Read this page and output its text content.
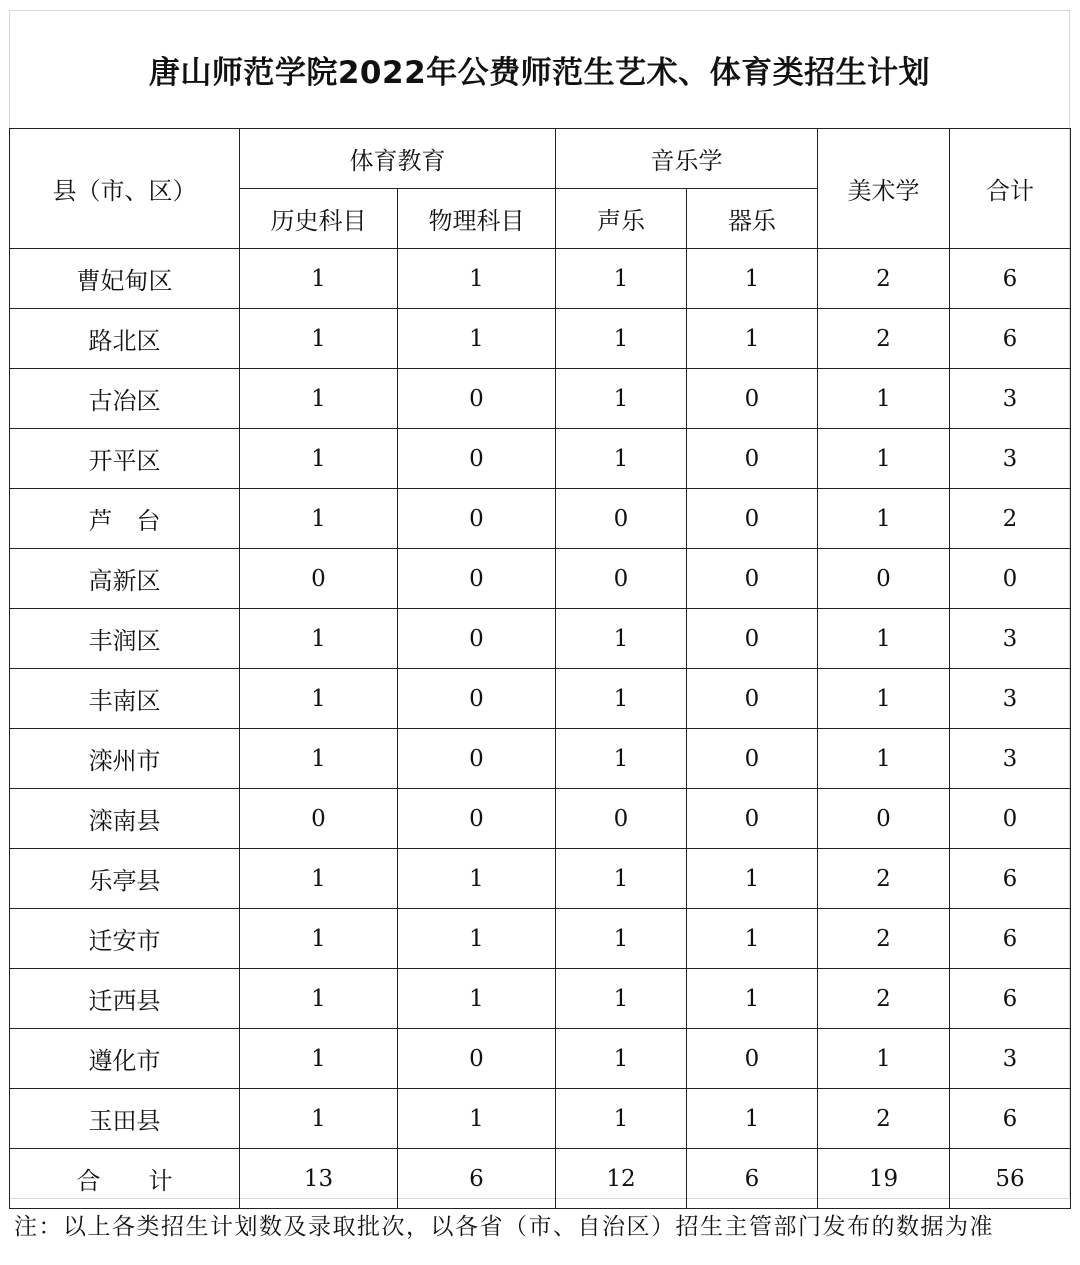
唐山师范学院2022年公费师范生艺术、体育类招生计划
县（市、区）	体育教育		音乐学		美术学	合计
	历史科目	物理科目	声乐	器乐		
曹妃甸区	1	1	1	1	2	6
路北区	1	1	1	1	2	6
古冶区	1	0	1	0	1	3
开平区	1	0	1	0	1	3
芦　台	1	0	0	0	1	2
高新区	0	0	0	0	0	0
丰润区	1	0	1	0	1	3
丰南区	1	0	1	0	1	3
滦州市	1	0	1	0	1	3
滦南县	0	0	0	0	0	0
乐亭县	1	1	1	1	2	6
迁安市	1	1	1	1	2	6
迁西县	1	1	1	1	2	6
遵化市	1	0	1	0	1	3
玉田县	1	1	1	1	2	6
合　　计	13	6	12	6	19	56
注：以上各类招生计划数及录取批次，以各省（市、自治区）招生主管部门发布的数据为准
